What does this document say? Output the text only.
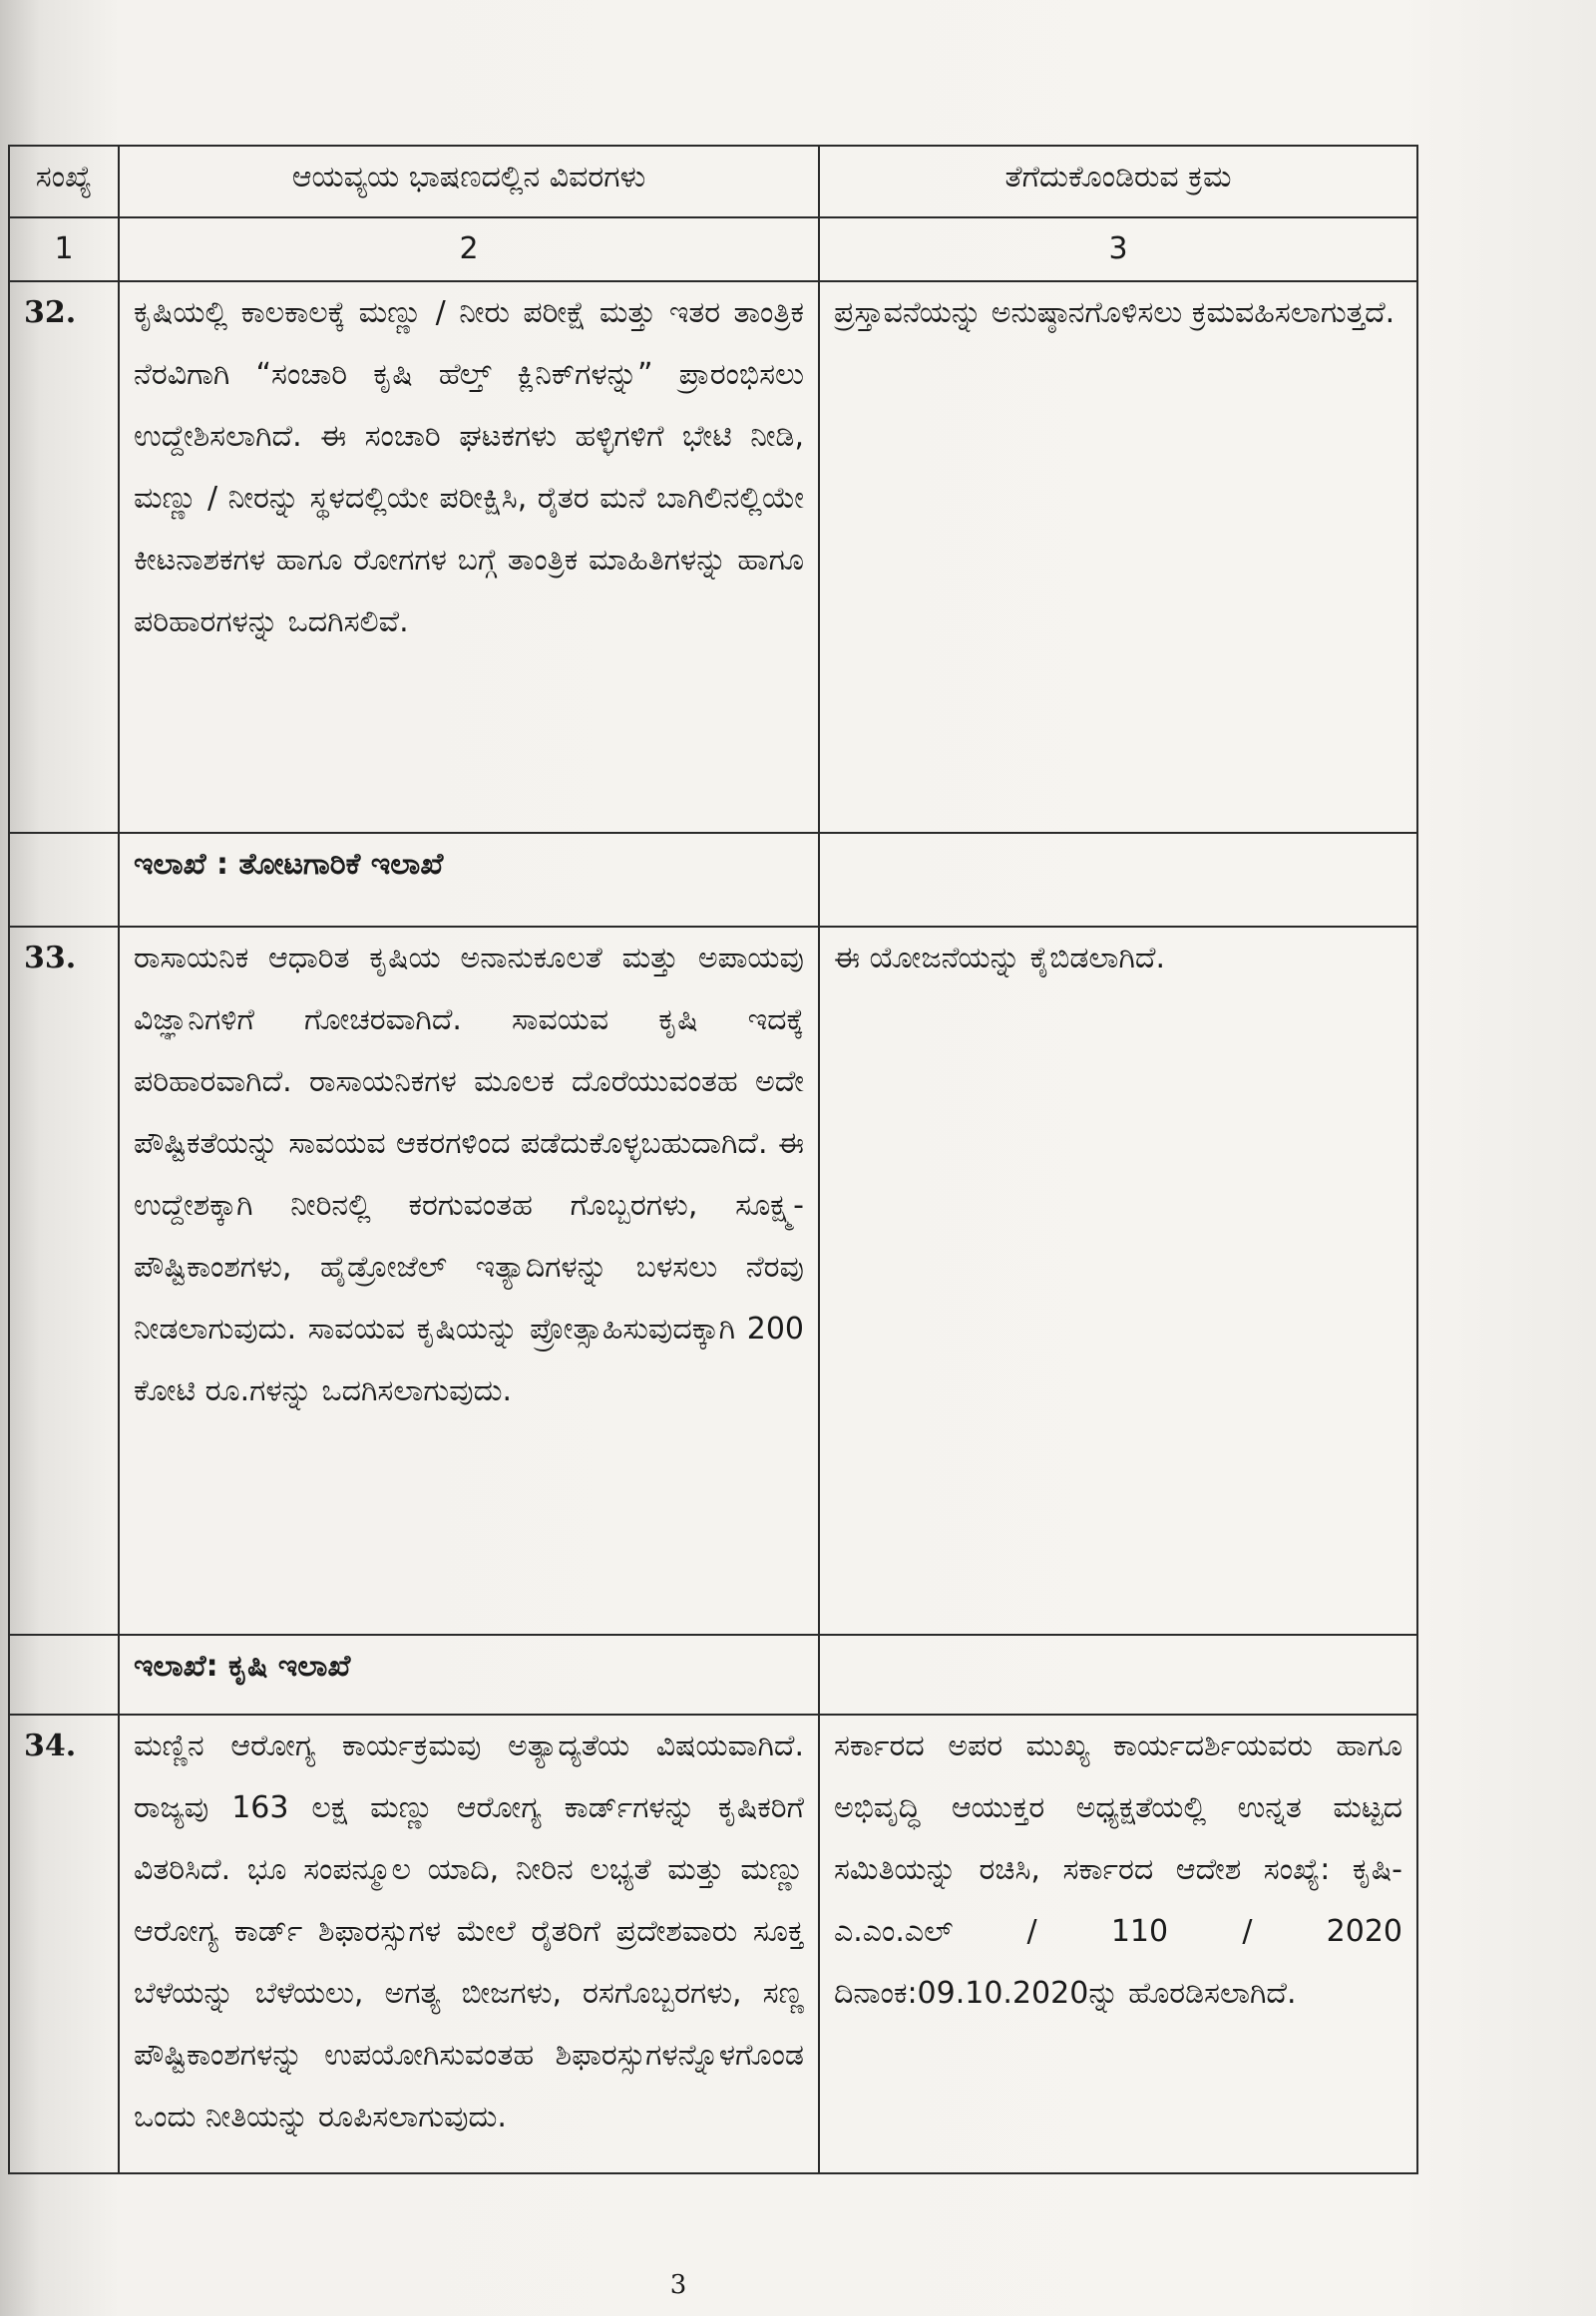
ಸಂಖ್ಯೆ	ಆಯವ್ಯಯ ಭಾಷಣದಲ್ಲಿನ ವಿವರಗಳು	ತೆಗೆದುಕೊಂಡಿರುವ ಕ್ರಮ
1	2	3
32.	ಕೃಷಿಯಲ್ಲಿ ಕಾಲಕಾಲಕ್ಕೆ ಮಣ್ಣು / ನೀರು ಪರೀಕ್ಷೆ ಮತ್ತು ಇತರ ತಾಂತ್ರಿಕ ನೆರವಿಗಾಗಿ “ಸಂಚಾರಿ ಕೃಷಿ ಹೆಲ್ತ್ ಕ್ಲಿನಿಕ್‌ಗಳನ್ನು” ಪ್ರಾರಂಭಿಸಲು ಉದ್ದೇಶಿಸಲಾಗಿದೆ. ಈ ಸಂಚಾರಿ ಘಟಕಗಳು ಹಳ್ಳಿಗಳಿಗೆ ಭೇಟಿ ನೀಡಿ, ಮಣ್ಣು / ನೀರನ್ನು ಸ್ಥಳದಲ್ಲಿಯೇ ಪರೀಕ್ಷಿಸಿ, ರೈತರ ಮನೆ ಬಾಗಿಲಿನಲ್ಲಿಯೇ ಕೀಟನಾಶಕಗಳ ಹಾಗೂ ರೋಗಗಳ ಬಗ್ಗೆ ತಾಂತ್ರಿಕ ಮಾಹಿತಿಗಳನ್ನು ಹಾಗೂ ಪರಿಹಾರಗಳನ್ನು ಒದಗಿಸಲಿವೆ.	ಪ್ರಸ್ತಾವನೆಯನ್ನು ಅನುಷ್ಠಾನಗೊಳಿಸಲು ಕ್ರಮವಹಿಸಲಾಗುತ್ತದೆ.
	ಇಲಾಖೆ : ತೋಟಗಾರಿಕೆ ಇಲಾಖೆ	
33.	ರಾಸಾಯನಿಕ ಆಧಾರಿತ ಕೃಷಿಯ ಅನಾನುಕೂಲತೆ ಮತ್ತು ಅಪಾಯವು ವಿಜ್ಞಾನಿಗಳಿಗೆ ಗೋಚರವಾಗಿದೆ. ಸಾವಯವ ಕೃಷಿ ಇದಕ್ಕೆ ಪರಿಹಾರವಾಗಿದೆ. ರಾಸಾಯನಿಕಗಳ ಮೂಲಕ ದೊರೆಯುವಂತಹ ಅದೇ ಪೌಷ್ಟಿಕತೆಯನ್ನು ಸಾವಯವ ಆಕರಗಳಿಂದ ಪಡೆದುಕೊಳ್ಳಬಹುದಾಗಿದೆ. ಈ ಉದ್ದೇಶಕ್ಕಾಗಿ ನೀರಿನಲ್ಲಿ ಕರಗುವಂತಹ ಗೊಬ್ಬರಗಳು, ಸೂಕ್ಷ್ಮ-ಪೌಷ್ಟಿಕಾಂಶಗಳು, ಹೈಡ್ರೋಜೆಲ್ ಇತ್ಯಾದಿಗಳನ್ನು ಬಳಸಲು ನೆರವು ನೀಡಲಾಗುವುದು. ಸಾವಯವ ಕೃಷಿಯನ್ನು ಪ್ರೋತ್ಸಾಹಿಸುವುದಕ್ಕಾಗಿ 200 ಕೋಟಿ ರೂ.ಗಳನ್ನು ಒದಗಿಸಲಾಗುವುದು.	ಈ ಯೋಜನೆಯನ್ನು ಕೈಬಿಡಲಾಗಿದೆ.
	ಇಲಾಖೆ: ಕೃಷಿ ಇಲಾಖೆ	
34.	ಮಣ್ಣಿನ ಆರೋಗ್ಯ ಕಾರ್ಯಕ್ರಮವು ಅತ್ಯಾದ್ಯತೆಯ ವಿಷಯವಾಗಿದೆ. ರಾಜ್ಯವು 163 ಲಕ್ಷ ಮಣ್ಣು ಆರೋಗ್ಯ ಕಾರ್ಡ್‌ಗಳನ್ನು ಕೃಷಿಕರಿಗೆ ವಿತರಿಸಿದೆ. ಭೂ ಸಂಪನ್ಮೂಲ ಯಾದಿ, ನೀರಿನ ಲಭ್ಯತೆ ಮತ್ತು ಮಣ್ಣು ಆರೋಗ್ಯ ಕಾರ್ಡ್ ಶಿಫಾರಸ್ಸುಗಳ ಮೇಲೆ ರೈತರಿಗೆ ಪ್ರದೇಶವಾರು ಸೂಕ್ತ ಬೆಳೆಯನ್ನು ಬೆಳೆಯಲು, ಅಗತ್ಯ ಬೀಜಗಳು, ರಸಗೊಬ್ಬರಗಳು, ಸಣ್ಣ ಪೌಷ್ಟಿಕಾಂಶಗಳನ್ನು ಉಪಯೋಗಿಸುವಂತಹ ಶಿಫಾರಸ್ಸುಗಳನ್ನೊಳಗೊಂಡ ಒಂದು ನೀತಿಯನ್ನು ರೂಪಿಸಲಾಗುವುದು.	ಸರ್ಕಾರದ ಅಪರ ಮುಖ್ಯ ಕಾರ್ಯದರ್ಶಿಯವರು ಹಾಗೂ ಅಭಿವೃದ್ಧಿ ಆಯುಕ್ತರ ಅಧ್ಯಕ್ಷತೆಯಲ್ಲಿ ಉನ್ನತ ಮಟ್ಟದ ಸಮಿತಿಯನ್ನು ರಚಿಸಿ, ಸರ್ಕಾರದ ಆದೇಶ ಸಂಖ್ಯೆ: ಕೃಷಿ-ಎ.ಎಂ.ಎಲ್ / 110 / 2020 ದಿನಾಂಕ:09.10.2020ನ್ನು ಹೊರಡಿಸಲಾಗಿದೆ.
3
